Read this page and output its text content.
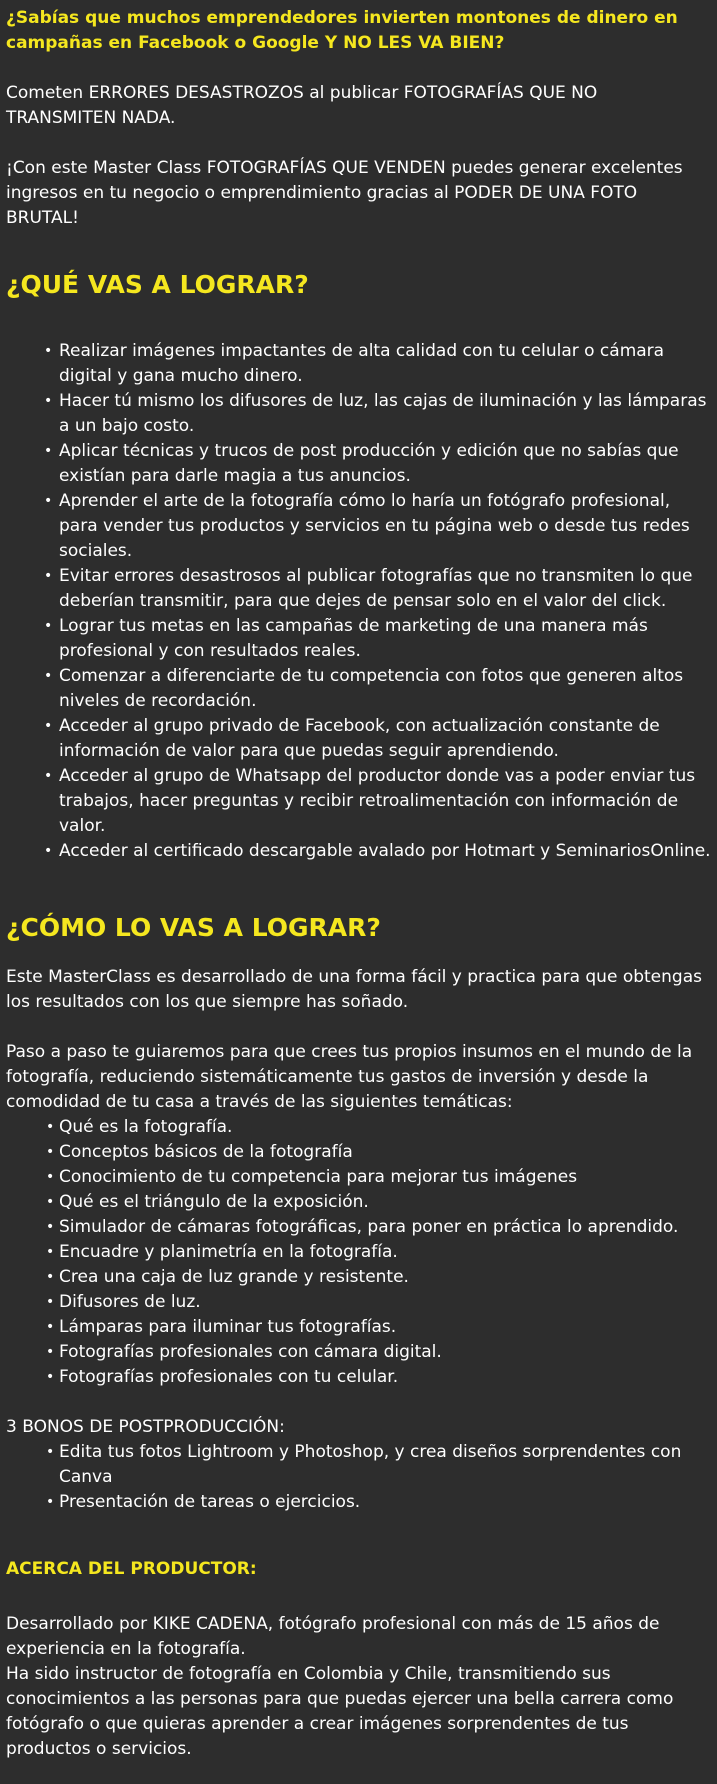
¿Sabías que muchos emprendedores invierten montones de dinero en campañas en Facebook o Google Y NO LES VA BIEN?

Cometen ERRORES DESASTROZOS al publicar FOTOGRAFÍAS QUE NO TRANSMITEN NADA.

¡Con este Master Class FOTOGRAFÍAS QUE VENDEN puedes generar excelentes ingresos en tu negocio o emprendimiento gracias al PODER DE UNA FOTO BRUTAL!

¿QUÉ VAS A LOGRAR?
• Realizar imágenes impactantes de alta calidad con tu celular o cámara digital y gana mucho dinero.
• Hacer tú mismo los difusores de luz, las cajas de iluminación y las lámparas a un bajo costo.
• Aplicar técnicas y trucos de post producción y edición que no sabías que existían para darle magia a tus anuncios.
• Aprender el arte de la fotografía cómo lo haría un fotógrafo profesional, para vender tus productos y servicios en tu página web o desde tus redes sociales.
• Evitar errores desastrosos al publicar fotografías que no transmiten lo que deberían transmitir, para que dejes de pensar solo en el valor del click.
• Lograr tus metas en las campañas de marketing de una manera más profesional y con resultados reales.
• Comenzar a diferenciarte de tu competencia con fotos que generen altos niveles de recordación.
• Acceder al grupo privado de Facebook, con actualización constante de información de valor para que puedas seguir aprendiendo.
• Acceder al grupo de Whatsapp del productor donde vas a poder enviar tus trabajos, hacer preguntas y recibir retroalimentación con información de valor.
• Acceder al certificado descargable avalado por Hotmart y SeminariosOnline.
¿CÓMO LO VAS A LOGRAR?

Este MasterClass es desarrollado de una forma fácil y practica para que obtengas los resultados con los que siempre has soñado.

Paso a paso te guiaremos para que crees tus propios insumos en el mundo de la fotografía, reduciendo sistemáticamente tus gastos de inversión y desde la comodidad de tu casa a través de las siguientes temáticas:

• Qué es la fotografía.
• Conceptos básicos de la fotografía
• Conocimiento de tu competencia para mejorar tus imágenes
• Qué es el triángulo de la exposición.
• Simulador de cámaras fotográficas, para poner en práctica lo aprendido.
• Encuadre y planimetría en la fotografía.
• Crea una caja de luz grande y resistente.
• Difusores de luz.
• Lámparas para iluminar tus fotografías.
• Fotografías profesionales con cámara digital.
• Fotografías profesionales con tu celular.

3 BONOS DE POSTPRODUCCIÓN:

• Edita tus fotos Lightroom y Photoshop, y crea diseños sorprendentes con Canva
• Presentación de tareas o ejercicios.
ACERCA DEL PRODUCTOR:

Desarrollado por KIKE CADENA, fotógrafo profesional con más de 15 años de experiencia en la fotografía.

Ha sido instructor de fotografía en Colombia y Chile, transmitiendo sus conocimientos a las personas para que puedas ejercer una bella carrera como fotógrafo o que quieras aprender a crear imágenes sorprendentes de tus productos o servicios.
